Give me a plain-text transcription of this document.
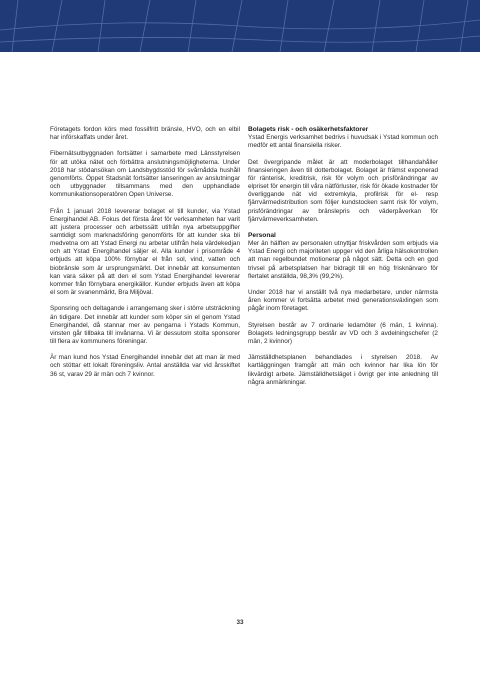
Företagets fordon körs med fossilfritt bränsle, HVO, och en elbil har införskaffats under året.

Fibernätsutbyggnaden fortsätter i samarbete med Länsstyrelsen för att utöka nätet och förbättra anslutningsmöjligheterna. Under 2018 har stödansökan om Landsbygdsstöd för svårnådda hushåll genomförts. Öppet Stadsnät fortsätter lanseringen av anslutningar och utbyggnader tillsammans med den upphandlade kommunikationsoperatören Open Universe.

Från 1 januari 2018 levererar bolaget el till kunder, via Ystad Energihandel AB. Fokus det första året för verksamheten har varit att justera processer och arbetssätt utifrån nya arbetsuppgifter samtidigt som marknadsföring genomförts för att kunder ska bli medvetna om att Ystad Energi nu arbetar utifrån hela värdekedjan och att Ystad Energihandel säljer el. Alla kunder i prisområde 4 erbjuds att köpa 100% förnybar el från sol, vind, vatten och biobränsle som är ursprungsmärkt. Det innebär att konsumenten kan vara säker på att den el som Ystad Energihandel levererar kommer från förnybara energikällor. Kunder erbjuds även att köpa el som är svanenmärkt, Bra Miljöval.

Sponsring och deltagande i arrangemang sker i större utsträckning än tidigare. Det innebär att kunder som köper sin el genom Ystad Energihandel, då stannar mer av pengarna i Ystads Kommun, vinsten går tillbaka till invånarna. Vi är dessutom stolta sponsorer till flera av kommunens föreningar.

Är man kund hos Ystad Energihandel innebär det att man är med och stöttar ett lokalt föreningsliv. Antal anställda var vid årsskiftet 36 st, varav 29 är män och 7 kvinnor.

Bolagets risk - och osäkerhetsfaktorer

Ystad Energis verksamhet bedrivs i huvudsak i Ystad kommun och medför ett antal finansiella risker.

Det övergripande målet är att moderbolaget tillhandahåller finansieringen även till dotterbolaget. Bolaget är främst exponerad för ränterisk, kreditrisk, risk för volym och prisförändringar av elpriset för energin till våra nätförluster, risk för ökade kostnader för överliggande nät vid extremkyla, profilrisk för el- resp fjärrvärmedistribution som följer kundstocken samt risk för volym, prisförändringar av bränslepris och väderpåverkan för fjärrvärmeverksamheten.

Personal

Mer än hälften av personalen utnyttjar friskvården som erbjuds via Ystad Energi och majoriteten uppger vid den årliga hälsokontrollen att man regelbundet motionerar på något sätt. Detta och en god trivsel på arbetsplatsen har bidragit till en hög frisknärvaro för flertalet anställda, 98,3% (99,2%).

Under 2018 har vi anställt två nya medarbetare, under närmsta åren kommer vi fortsätta arbetet med generationsväxlingen som pågår inom företaget.

Styrelsen består av 7 ordinarie ledamöter (6 män, 1 kvinna). Bolagets ledningsgrupp består av VD och 3 avdelningschefer (2 män, 2 kvinnor)

Jämställdhetsplanen behandlades i styrelsen 2018. Av kartläggningen framgår att män och kvinnor har lika lön för likvärdigt arbete. Jämställdhetsläget i övrigt ger inte anledning till några anmärkningar.

33
